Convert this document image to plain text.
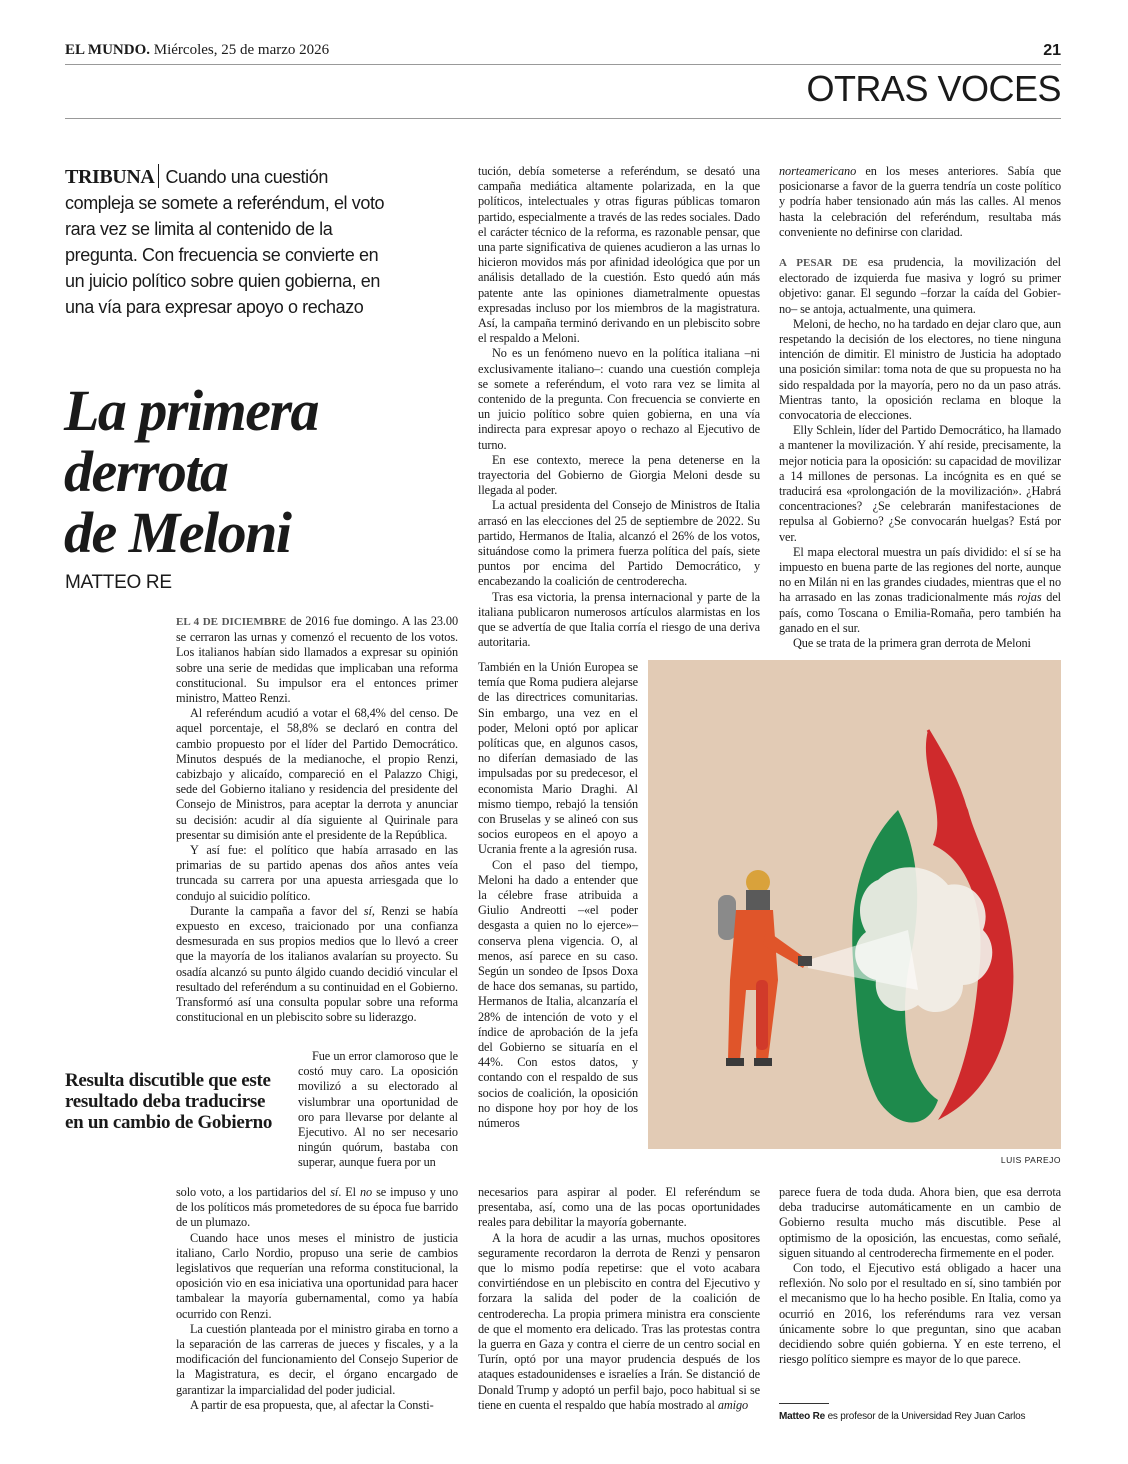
EL MUNDO. Miércoles, 25 de marzo 2026	21
OTRAS VOCES
TRIBUNA Cuando una cuestión compleja se somete a referéndum, el voto rara vez se limita al contenido de la pregunta. Con frecuencia se convierte en un juicio político sobre quien gobierna, en una vía para expresar apoyo o rechazo
La primera
derrota
de Meloni
MATTEO RE

EL 4 DE DICIEMBRE de 2016 fue domingo. A las 23.00 se cerraron las urnas y comenzó el recuento de los votos. Los italianos habían sido llamados a expresar su opinión sobre una serie de medidas que implicaban una reforma constitucional. Su impulsor era el entonces primer ministro, Matteo Renzi.

Al referéndum acudió a votar el 68,4% del censo. De aquel porcentaje, el 58,8% se declaró en contra del cambio propuesto por el líder del Partido Democrático. Minutos después de la medianoche, el propio Renzi, cabizbajo y alicaído, compareció en el Palazzo Chigi, sede del Gobierno italiano y residencia del presidente del Consejo de Ministros, para aceptar la derrota y anunciar su decisión: acudir al día siguiente al Quirinale para presentar su dimisión ante el presidente de la República.

Y así fue: el político que había arrasado en las primarias de su partido apenas dos años antes veía truncada su carrera por una apuesta arriesgada que lo condujo al suicidio político.

Durante la campaña a favor del sí, Renzi se había expuesto en exceso, traicionado por una confianza desmesurada en sus propios medios que lo llevó a creer que la mayoría de los italianos avalarían su proyecto. Su osadía alcanzó su punto álgido cuando decidió vincular el resultado del referéndum a su continuidad en el Gobierno. Transformó así una consulta popular sobre una reforma constitucional en un plebiscito sobre su liderazgo.

Resulta discutible que este resultado deba traducirse en un cambio de Gobierno

Fue un error clamoroso que le costó muy caro. La oposición movilizó a su electorado al vislumbrar una oportunidad de oro para llevarse por delante al Ejecutivo. Al no ser necesario ningún quórum, bastaba con superar, aunque fuera por un

solo voto, a los partidarios del sí. El no se impuso y uno de los políticos más prometedores de su época fue barrido de un plumazo.

Cuando hace unos meses el ministro de justicia italiano, Carlo Nordio, propuso una serie de cambios legislativos que requerían una reforma constitucional, la oposición vio en esa iniciativa una oportunidad para hacer tambalear la mayoría gubernamental, como ya había ocurrido con Renzi.

La cuestión planteada por el ministro giraba en torno a la separación de las carreras de jueces y fiscales, y a la modificación del funcionamiento del Consejo Superior de la Magistratura, es decir, el órgano encargado de garantizar la imparcialidad del poder judicial.

A partir de esa propuesta, que, al afectar la Consti-

tución, debía someterse a referéndum, se desató una campaña mediática altamente polarizada, en la que políticos, intelectuales y otras figuras públicas tomaron partido, especialmente a través de las redes sociales. Dado el carácter técnico de la reforma, es razonable pensar, que una parte significativa de quienes acudieron a las urnas lo hicieron movidos más por afinidad ideológica que por un análisis detallado de la cuestión. Esto quedó aún más patente ante las opiniones diametralmente opuestas expresadas incluso por los miembros de la magistratura. Así, la campaña terminó derivando en un plebiscito sobre el respaldo a Meloni.

No es un fenómeno nuevo en la política italiana –ni exclusivamente italiano–: cuando una cuestión compleja se somete a referéndum, el voto rara vez se limita al contenido de la pregunta. Con frecuencia se convierte en un juicio político sobre quien gobierna, en una vía indirecta para expresar apoyo o rechazo al Ejecutivo de turno.

En ese contexto, merece la pena detenerse en la trayectoria del Gobierno de Giorgia Meloni desde su llegada al poder.

La actual presidenta del Consejo de Ministros de Italia arrasó en las elecciones del 25 de septiembre de 2022. Su partido, Hermanos de Italia, alcanzó el 26% de los votos, situándose como la primera fuerza política del país, siete puntos por encima del Partido Democrático, y encabezando la coalición de centroderecha.

Tras esa victoria, la prensa internacional y parte de la italiana publicaron numerosos artículos alarmistas en los que se advertía de que Italia corría el riesgo de una deriva autoritaria.

También en la Unión Europea se temía que Roma pudiera alejarse de las directrices comunitarias. Sin embargo, una vez en el poder, Meloni optó por aplicar políticas que, en algunos casos, no diferían demasiado de las impulsadas por su predecesor, el economista Mario Draghi. Al mismo tiempo, rebajó la tensión con Bruselas y se alineó con sus socios europeos en el apoyo a Ucrania frente a la agresión rusa.

Con el paso del tiempo, Meloni ha dado a entender que la célebre frase atribuida a Giulio Andreotti –«el poder desgasta a quien no lo ejerce»– conserva plena vigencia. O, al menos, así parece en su caso. Según un sondeo de Ipsos Doxa de hace dos semanas, su partido, Hermanos de Italia, alcanzaría el 28% de intención de voto y el índice de aprobación de la jefa del Gobierno se situaría en el 44%. Con estos datos, y contando con el respaldo de sus socios de coalición, la oposición no dispone hoy por hoy de los números

necesarios para aspirar al poder. El referéndum se presentaba, así, como una de las pocas oportunidades reales para debilitar la mayoría gobernante.

A la hora de acudir a las urnas, muchos opositores seguramente recordaron la derrota de Renzi y pensaron que lo mismo podía repetirse: que el voto acabara convirtiéndose en un plebiscito en contra del Ejecutivo y forzara la salida del poder de la coalición de centroderecha. La propia primera ministra era consciente de que el momento era delicado. Tras las protestas contra la guerra en Gaza y contra el cierre de un centro social en Turín, optó por una mayor prudencia después de los ataques estadounidenses e israelíes a Irán. Se distanció de Donald Trump y adoptó un perfil bajo, poco habitual si se tiene en cuenta el respaldo que había mostrado al amigo

norteamericano en los meses anteriores. Sabía que posicionarse a favor de la guerra tendría un coste político y podría haber tensionado aún más las calles. Al menos hasta la celebración del referéndum, resultaba más conveniente no definirse con claridad.

A PESAR DE esa prudencia, la movilización del electorado de izquierda fue masiva y logró su primer objetivo: ganar. El segundo –forzar la caída del Gobierno– se antoja, actualmente, una quimera.

Meloni, de hecho, no ha tardado en dejar claro que, aun respetando la decisión de los electores, no tiene ninguna intención de dimitir. El ministro de Justicia ha adoptado una posición similar: toma nota de que su propuesta no ha sido respaldada por la mayoría, pero no da un paso atrás. Mientras tanto, la oposición reclama en bloque la convocatoria de elecciones.

Elly Schlein, líder del Partido Democrático, ha llamado a mantener la movilización. Y ahí reside, precisamente, la mejor noticia para la oposición: su capacidad de movilizar a 14 millones de personas. La incógnita es en qué se traducirá esa «prolongación de la movilización». ¿Habrá concentraciones? ¿Se celebrarán manifestaciones de repulsa al Gobierno? ¿Se convocarán huelgas? Está por ver.

El mapa electoral muestra un país dividido: el sí se ha impuesto en buena parte de las regiones del norte, aunque no en Milán ni en las grandes ciudades, mientras que el no ha arrasado en las zonas tradicionalmente más rojas del país, como Toscana o Emilia-Romaña, pero también ha ganado en el sur.

Que se trata de la primera gran derrota de Meloni

parece fuera de toda duda. Ahora bien, que esa derrota deba traducirse automáticamente en un cambio de Gobierno resulta mucho más discutible. Pese al optimismo de la oposición, las encuestas, como señalé, siguen situando al centroderecha firmemente en el poder.

Con todo, el Ejecutivo está obligado a hacer una reflexión. No solo por el resultado en sí, sino también por el mecanismo que lo ha hecho posible. En Italia, como ya ocurrió en 2016, los referéndums rara vez versan únicamente sobre lo que preguntan, sino que acaban decidiendo sobre quién gobierna. Y en este terreno, el riesgo político siempre es mayor de lo que parece.

LUIS PAREJO
Matteo Re es profesor de la Universidad Rey Juan Carlos
